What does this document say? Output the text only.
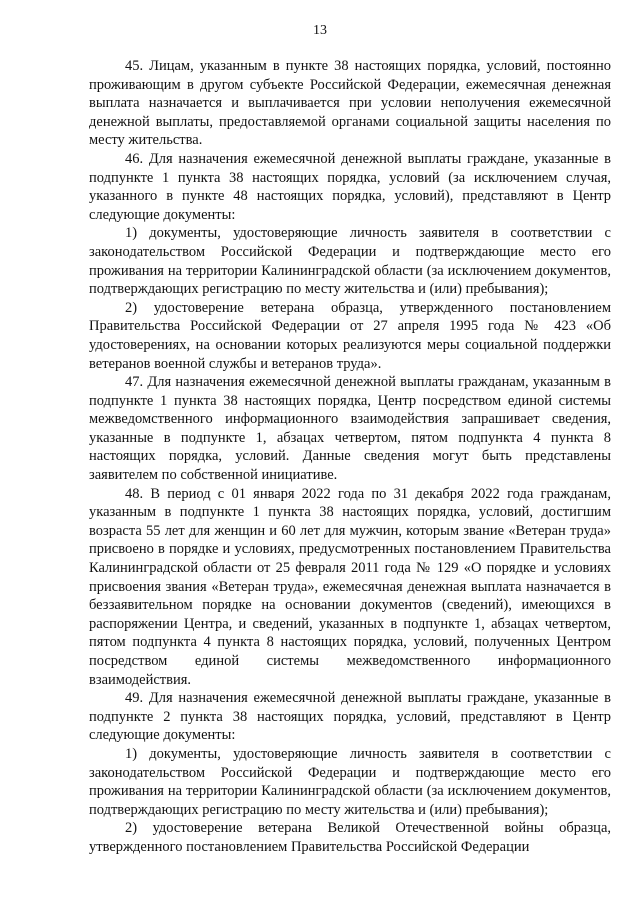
13

45. Лицам, указанным в пункте 38 настоящих порядка, условий, постоянно проживающим в другом субъекте Российской Федерации, ежемесячная денежная выплата назначается и выплачивается при условии неполучения ежемесячной денежной выплаты, предоставляемой органами социальной защиты населения по месту жительства.

46. Для назначения ежемесячной денежной выплаты граждане, указанные в подпункте 1 пункта 38 настоящих порядка, условий (за исключением случая, указанного в пункте 48 настоящих порядка, условий), представляют в Центр следующие документы:

1) документы, удостоверяющие личность заявителя в соответствии с законодательством Российской Федерации и подтверждающие место его проживания на территории Калининградской области (за исключением документов, подтверждающих регистрацию по месту жительства и (или) пребывания);

2) удостоверение ветерана образца, утвержденного постановлением Правительства Российской Федерации от 27 апреля 1995 года № 423 «Об удостоверениях, на основании которых реализуются меры социальной поддержки ветеранов военной службы и ветеранов труда».

47. Для назначения ежемесячной денежной выплаты гражданам, указанным в подпункте 1 пункта 38 настоящих порядка, Центр посредством единой системы межведомственного информационного взаимодействия запрашивает сведения, указанные в подпункте 1, абзацах четвертом, пятом подпункта 4 пункта 8 настоящих порядка, условий. Данные сведения могут быть представлены заявителем по собственной инициативе.

48. В период с 01 января 2022 года по 31 декабря 2022 года гражданам, указанным в подпункте 1 пункта 38 настоящих порядка, условий, достигшим возраста 55 лет для женщин и 60 лет для мужчин, которым звание «Ветеран труда» присвоено в порядке и условиях, предусмотренных постановлением Правительства Калининградской области от 25 февраля 2011 года № 129 «О порядке и условиях присвоения звания «Ветеран труда», ежемесячная денежная выплата назначается в беззаявительном порядке на основании документов (сведений), имеющихся в распоряжении Центра, и сведений, указанных в подпункте 1, абзацах четвертом, пятом подпункта 4 пункта 8 настоящих порядка, условий, полученных Центром посредством единой системы межведомственного информационного взаимодействия.

49. Для назначения ежемесячной денежной выплаты граждане, указанные в подпункте 2 пункта 38 настоящих порядка, условий, представляют в Центр следующие документы:

1) документы, удостоверяющие личность заявителя в соответствии с законодательством Российской Федерации и подтверждающие место его проживания на территории Калининградской области (за исключением документов, подтверждающих регистрацию по месту жительства и (или) пребывания);

2) удостоверение ветерана Великой Отечественной войны образца, утвержденного постановлением Правительства Российской Федерации
